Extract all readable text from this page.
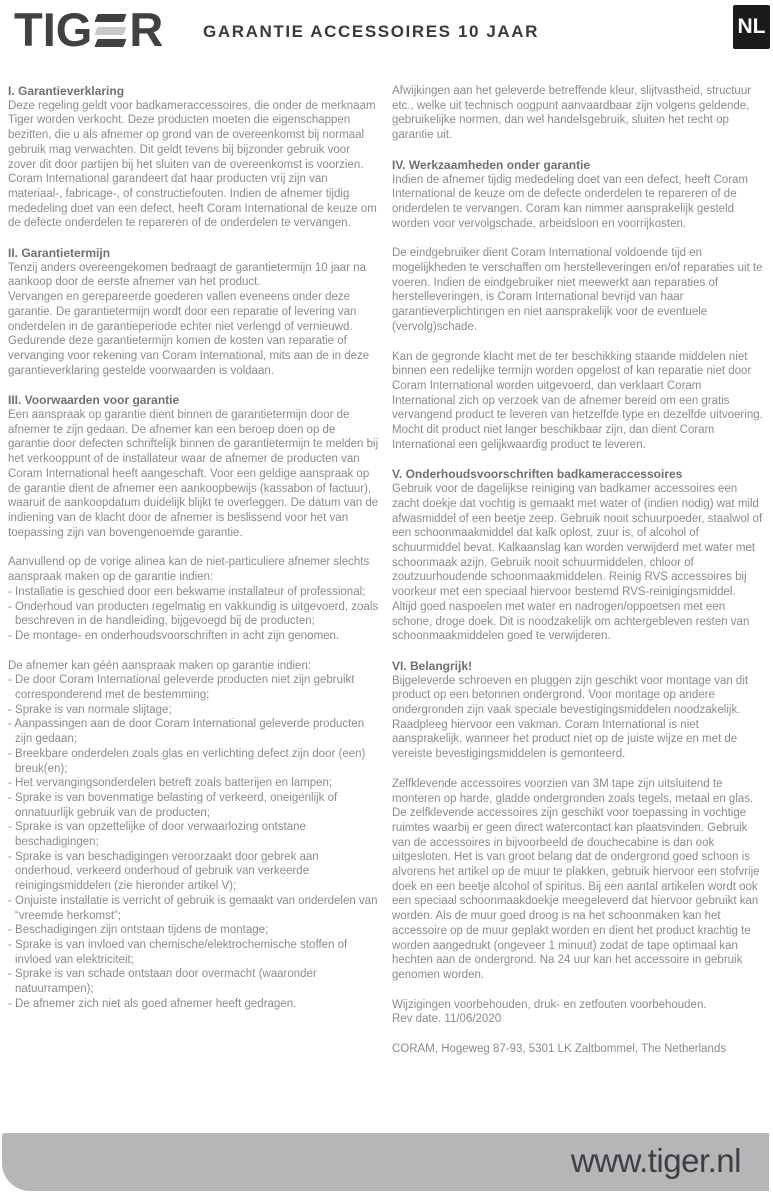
TIG R GARANTIE ACCESSOIRES 10 JAAR	NL
I. Garantieverklaring

Deze regeling geldt voor badkameraccessoires, die onder de merknaam Tiger worden verkocht. Deze producten moeten die eigenschappen bezitten, die u als afnemer op grond van de overeenkomst bij normaal gebruik mag verwachten. Dit geldt tevens bij bijzonder gebruik voor zover dit door partijen bij het sluiten van de overeenkomst is voorzien. Coram International garandeert dat haar producten vrij zijn van materiaal-, fabricage-, of constructiefouten. Indien de afnemer tijdig mededeling doet van een defect, heeft Coram International de keuze om de defecte onderdelen te repareren of de onderdelen te vervangen.

II. Garantietermijn

Tenzij anders overeengekomen bedraagt de garantietermijn 10 jaar na aankoop door de eerste afnemer van het product.

Vervangen en gerepareerde goederen vallen eveneens onder deze garantie. De garantietermijn wordt door een reparatie of levering van onderdelen in de garantieperiode echter niet verlengd of vernieuwd.

Gedurende deze garantietermijn komen de kosten van reparatie of vervanging voor rekening van Coram International, mits aan de in deze garantieverklaring gestelde voorwaarden is voldaan.

III. Voorwaarden voor garantie

Een aanspraak op garantie dient binnen de garantietermijn door de afnemer te zijn gedaan. De afnemer kan een beroep doen op de garantie door defecten schriftelijk binnen de garantietermijn te melden bij het verkooppunt of de installateur waar de afnemer de producten van Coram International heeft aangeschaft. Voor een geldige aanspraak op de garantie dient de afnemer een aankoopbewijs (kassabon of factuur), waaruit de aankoopdatum duidelijk blijkt te overleggen. De datum van de indiening van de klacht door de afnemer is beslissend voor het van toepassing zijn van bovengenoemde garantie.

Aanvullend op de vorige alinea kan de niet-particuliere afnemer slechts aanspraak maken op de garantie indien:

- Installatie is geschied door een bekwame installateur of professional;
- Onderhoud van producten regelmatig en vakkundig is uitgevoerd, zoals beschreven in de handleiding, bijgevoegd bij de producten;
- De montage- en onderhoudsvoorschriften in acht zijn genomen.

De afnemer kan géén aanspraak maken op garantie indien:

- De door Coram International geleverde producten niet zijn gebruikt corresponderend met de bestemming;
- Sprake is van normale slijtage;
- Aanpassingen aan de door Coram International geleverde producten zijn gedaan;
- Breekbare onderdelen zoals glas en verlichting defect zijn door (een) breuk(en);
- Het vervangingsonderdelen betreft zoals batterijen en lampen;
- Sprake is van bovenmatige belasting of verkeerd, oneigenlijk of onnatuurlijk gebruik van de producten;
- Sprake is van opzettelijke of door verwaarlozing ontstane beschadigingen;
- Sprake is van beschadigingen veroorzaakt door gebrek aan onderhoud, verkeerd onderhoud of gebruik van verkeerde reinigingsmiddelen (zie hieronder artikel V);
- Onjuiste installatie is verricht of gebruik is gemaakt van onderdelen van “vreemde herkomst”;
- Beschadigingen zijn ontstaan tijdens de montage;
- Sprake is van invloed van chemische/elektrochemische stoffen of invloed van elektriciteit;
- Sprake is van schade ontstaan door overmacht (waaronder natuurrampen);
- De afnemer zich niet als goed afnemer heeft gedragen.

Afwijkingen aan het geleverde betreffende kleur, slijtvastheid, structuur etc., welke uit technisch oogpunt aanvaardbaar zijn volgens geldende, gebruikelijke normen, dan wel handelsgebruik, sluiten het recht op garantie uit.

IV. Werkzaamheden onder garantie

Indien de afnemer tijdig mededeling doet van een defect, heeft Coram International de keuze om de defecte onderdelen te repareren of de onderdelen te vervangen. Coram kan nimmer aansprakelijk gesteld worden voor vervolgschade, arbeidsloon en voorrijkosten.

De eindgebruiker dient Coram International voldoende tijd en mogelijkheden te verschaffen om herstelleveringen en/of reparaties uit te voeren. Indien de eindgebruiker niet meewerkt aan reparaties of herstelleveringen, is Coram International bevrijd van haar garantieverplichtingen en niet aansprakelijk voor de eventuele (vervolg)schade.

Kan de gegronde klacht met de ter beschikking staande middelen niet binnen een redelijke termijn worden opgelost of kan reparatie niet door Coram International worden uitgevoerd, dan verklaart Coram International zich op verzoek van de afnemer bereid om een gratis vervangend product te leveren van hetzelfde type en dezelfde uitvoering. Mocht dit product niet langer beschikbaar zijn, dan dient Coram International een gelijkwaardig product te leveren.

V. Onderhoudsvoorschriften badkameraccessoires

Gebruik voor de dagelijkse reiniging van badkamer accessoires een zacht doekje dat vochtig is gemaakt met water of (indien nodig) wat mild afwasmiddel of een beetje zeep. Gebruik nooit schuurpoeder, staalwol of een schoonmaakmiddel dat kalk oplost, zuur is, of alcohol of schuurmiddel bevat. Kalkaanslag kan worden verwijderd met water met schoonmaak azijn. Gebruik nooit schuurmiddelen, chloor of zoutzuurhoudende schoonmaakmiddelen. Reinig RVS accessoires bij voorkeur met een speciaal hiervoor bestemd RVS-reinigingsmiddel. Altijd goed naspoelen met water en nadrogen/oppoetsen met een schone, droge doek. Dit is noodzakelijk om achtergebleven resten van schoonmaakmiddelen goed te verwijderen.

VI. Belangrijk!

Bijgeleverde schroeven en pluggen zijn geschikt voor montage van dit product op een betonnen ondergrond. Voor montage op andere ondergronden zijn vaak speciale bevestigingsmiddelen noodzakelijk. Raadpleeg hiervoor een vakman. Coram International is niet aansprakelijk, wanneer het product niet op de juiste wijze en met de vereiste bevestigingsmiddelen is gemonteerd.

Zelfklevende accessoires voorzien van 3M tape zijn uitsluitend te monteren op harde, gladde ondergronden zoals tegels, metaal en glas. De zelfklevende accessoires zijn geschikt voor toepassing in vochtige ruimtes waarbij er geen direct watercontact kan plaatsvinden. Gebruik van de accessoires in bijvoorbeeld de douchecabine is dan ook uitgesloten. Het is van groot belang dat de ondergrond goed schoon is alvorens het artikel op de muur te plakken, gebruik hiervoor een stofvrije doek en een beetje alcohol of spiritus. Bij een aantal artikelen wordt ook een speciaal schoonmaakdoekje meegeleverd dat hiervoor gebruikt kan worden. Als de muur goed droog is na het schoonmaken kan het accessoire op de muur geplakt worden en dient het product krachtig te worden aangedrukt (ongeveer 1 minuut) zodat de tape optimaal kan hechten aan de ondergrond. Na 24 uur kan het accessoire in gebruik genomen worden.

Wijzigingen voorbehouden, druk- en zetfouten voorbehouden.

Rev date. 11/06/2020

CORAM, Hogeweg 87-93, 5301 LK Zaltbommel, The Netherlands

www.tiger.nl
